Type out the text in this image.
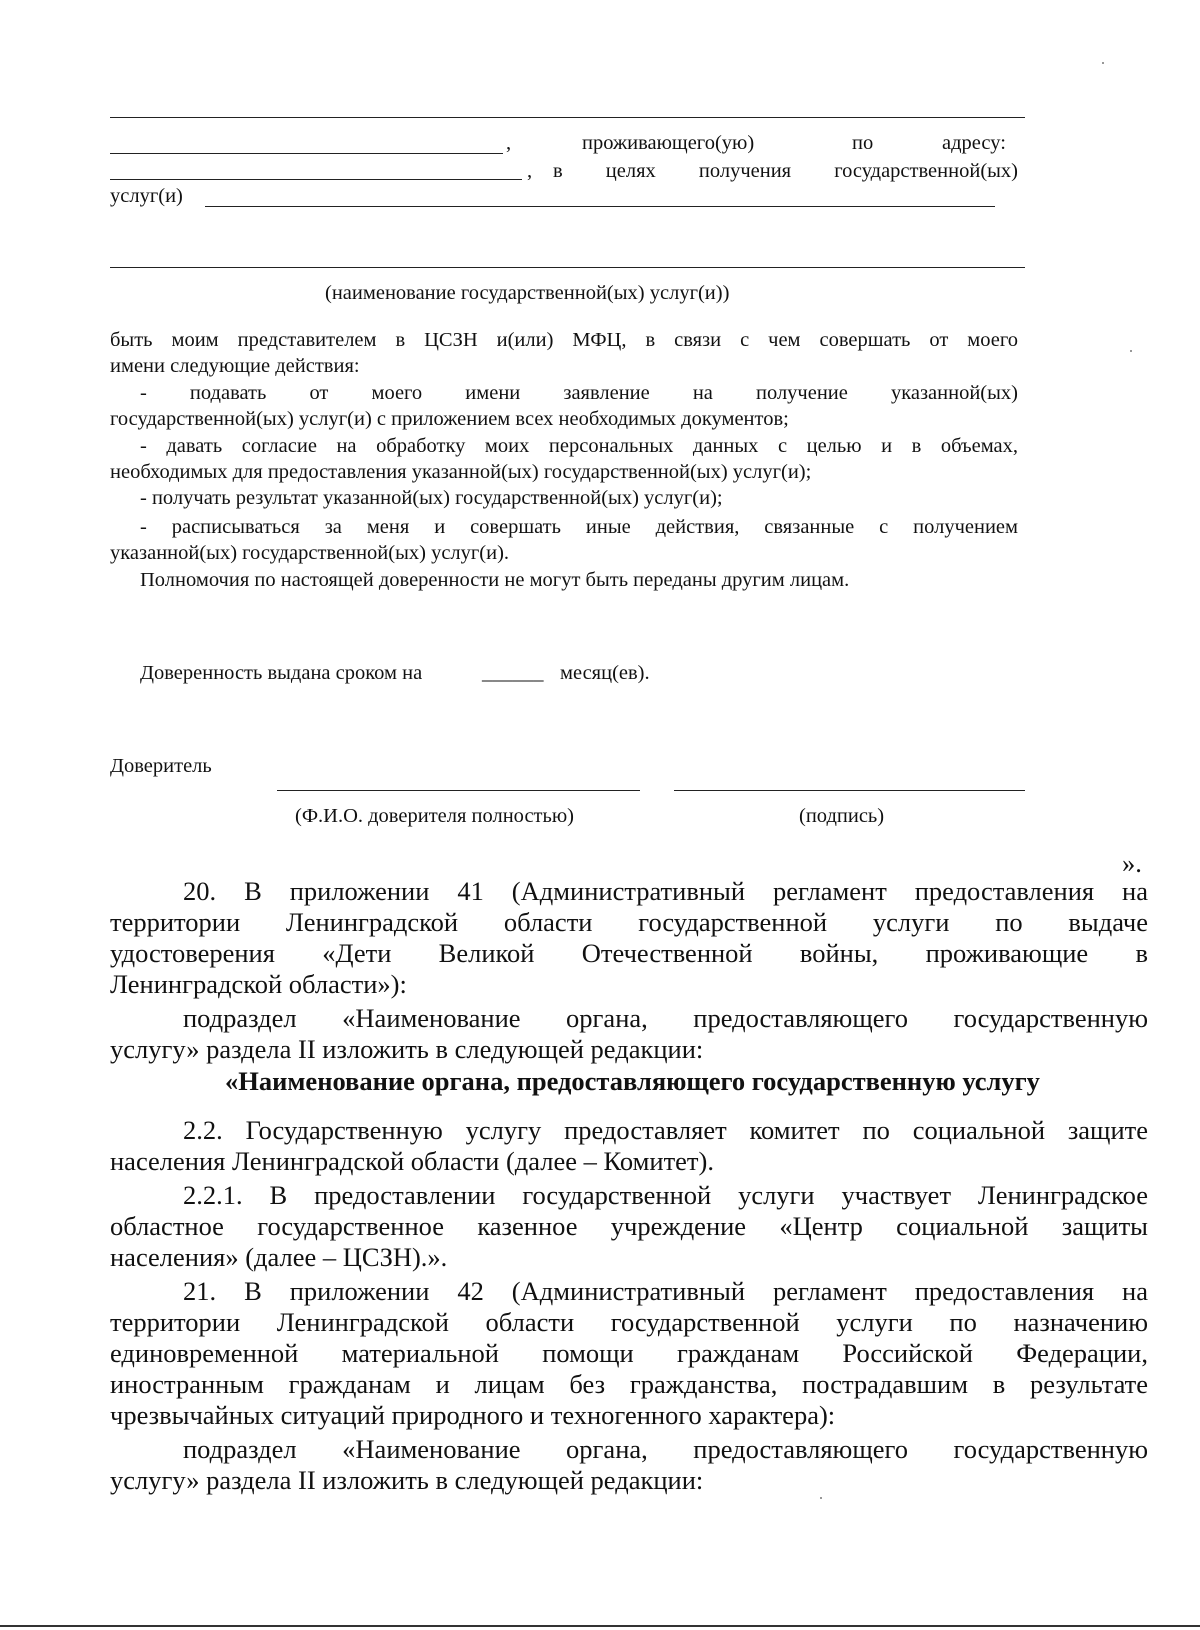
,	проживающего(ую)	по	адресу:
, в целях получения государственной(ых)
услуг(и)
(наименование государственной(ых) услуг(и))
быть моим представителем в ЦСЗН и(или) МФЦ, в связи с чем совершать от моего
имени следующие действия:
- подавать от моего имени заявление на получение указанной(ых)
государственной(ых) услуг(и) с приложением всех необходимых документов;
- давать согласие на обработку моих персональных данных с целью и в объемах,
необходимых для предоставления указанной(ых) государственной(ых) услуг(и);
- получать результат указанной(ых) государственной(ых) услуг(и);
- расписываться за меня и совершать иные действия, связанные с получением
указанной(ых) государственной(ых) услуг(и).
Полномочия по настоящей доверенности не могут быть переданы другим лицам.
Доверенность выдана сроком на	______ месяц(ев).
Доверитель
(Ф.И.О. доверителя полностью)	(подпись)
».
20. В приложении 41 (Административный регламент предоставления на
территории Ленинградской области государственной услуги по выдаче
удостоверения «Дети Великой Отечественной войны, проживающие в
Ленинградской области»):
подраздел «Наименование органа, предоставляющего государственную
услугу» раздела II изложить в следующей редакции:
«Наименование органа, предоставляющего государственную услугу
2.2. Государственную услугу предоставляет комитет по социальной защите
населения Ленинградской области (далее – Комитет).
2.2.1. В предоставлении государственной услуги участвует Ленинградское
областное государственное казенное учреждение «Центр социальной защиты
населения» (далее – ЦСЗН).».
21. В приложении 42 (Административный регламент предоставления на
территории Ленинградской области государственной услуги по назначению
единовременной материальной помощи гражданам Российской Федерации,
иностранным гражданам и лицам без гражданства, пострадавшим в результате
чрезвычайных ситуаций природного и техногенного характера):
подраздел «Наименование органа, предоставляющего государственную
услугу» раздела II изложить в следующей редакции:
